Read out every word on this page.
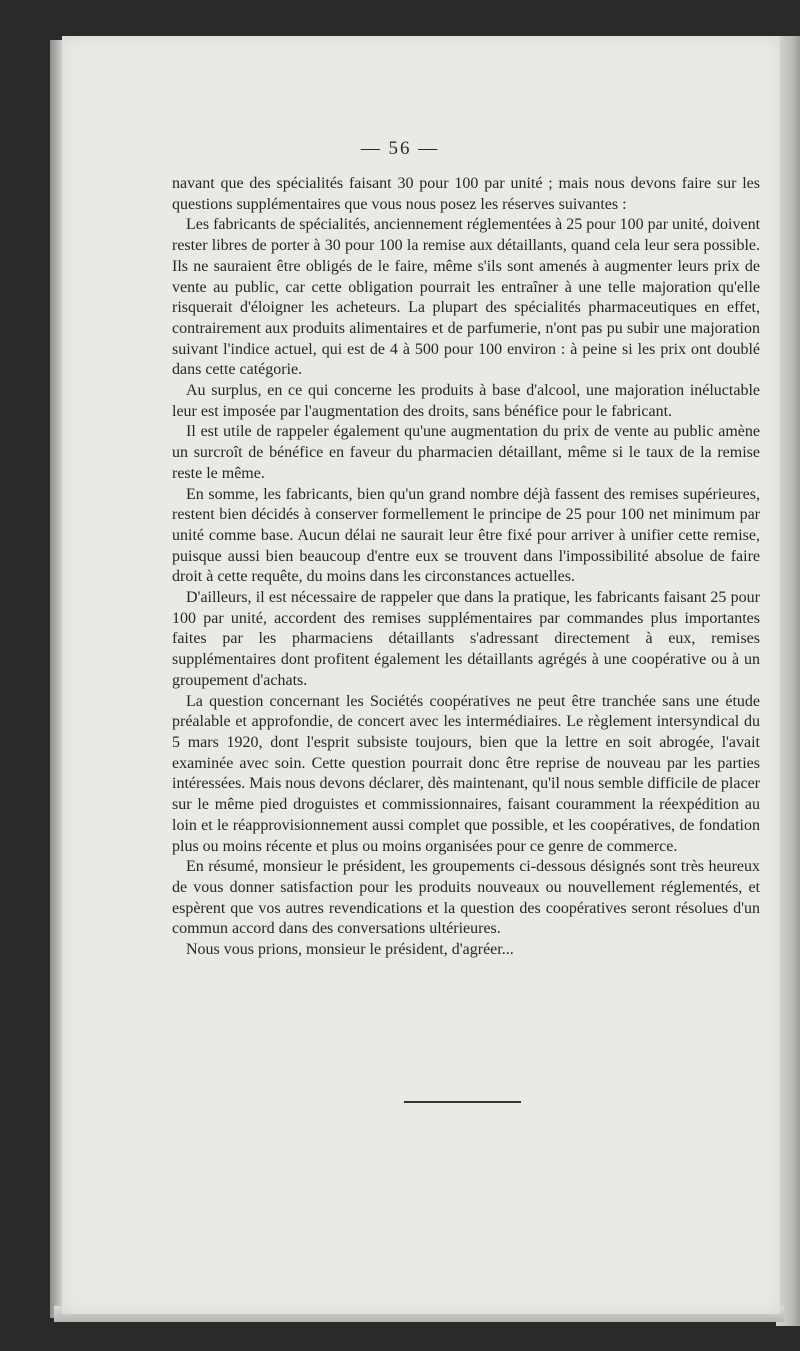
— 56 —

navant que des spécialités faisant 30 pour 100 par unité ; mais nous devons faire sur les questions supplémentaires que vous nous posez les réserves suivantes :

Les fabricants de spécialités, anciennement réglementées à 25 pour 100 par unité, doivent rester libres de porter à 30 pour 100 la remise aux détaillants, quand cela leur sera possible. Ils ne sauraient être obligés de le faire, même s'ils sont amenés à augmenter leurs prix de vente au public, car cette obligation pourrait les entraîner à une telle majoration qu'elle risquerait d'éloigner les acheteurs. La plupart des spécialités pharmaceutiques en effet, contrairement aux produits alimentaires et de parfumerie, n'ont pas pu subir une majoration suivant l'indice actuel, qui est de 4 à 500 pour 100 environ : à peine si les prix ont doublé dans cette catégorie.

Au surplus, en ce qui concerne les produits à base d'alcool, une majoration inéluctable leur est imposée par l'augmentation des droits, sans bénéfice pour le fabricant.

Il est utile de rappeler également qu'une augmentation du prix de vente au public amène un surcroît de bénéfice en faveur du pharmacien détaillant, même si le taux de la remise reste le même.

En somme, les fabricants, bien qu'un grand nombre déjà fassent des remises supérieures, restent bien décidés à conserver formellement le principe de 25 pour 100 net minimum par unité comme base. Aucun délai ne saurait leur être fixé pour arriver à unifier cette remise, puisque aussi bien beaucoup d'entre eux se trouvent dans l'impossibilité absolue de faire droit à cette requête, du moins dans les circonstances actuelles.

D'ailleurs, il est nécessaire de rappeler que dans la pratique, les fabricants faisant 25 pour 100 par unité, accordent des remises supplémentaires par commandes plus importantes faites par les pharmaciens détaillants s'adressant directement à eux, remises supplémentaires dont profitent également les détaillants agrégés à une coopérative ou à un groupement d'achats.

La question concernant les Sociétés coopératives ne peut être tranchée sans une étude préalable et approfondie, de concert avec les intermédiaires. Le règlement intersyndical du 5 mars 1920, dont l'esprit subsiste toujours, bien que la lettre en soit abrogée, l'avait examinée avec soin. Cette question pourrait donc être reprise de nouveau par les parties intéressées. Mais nous devons déclarer, dès maintenant, qu'il nous semble difficile de placer sur le même pied droguistes et commissionnaires, faisant couramment la réexpédition au loin et le réapprovisionnement aussi complet que possible, et les coopératives, de fondation plus ou moins récente et plus ou moins organisées pour ce genre de commerce.

En résumé, monsieur le président, les groupements ci-dessous désignés sont très heureux de vous donner satisfaction pour les produits nouveaux ou nouvellement réglementés, et espèrent que vos autres revendications et la question des coopératives seront résolues d'un commun accord dans des conversations ultérieures.

Nous vous prions, monsieur le président, d'agréer...
